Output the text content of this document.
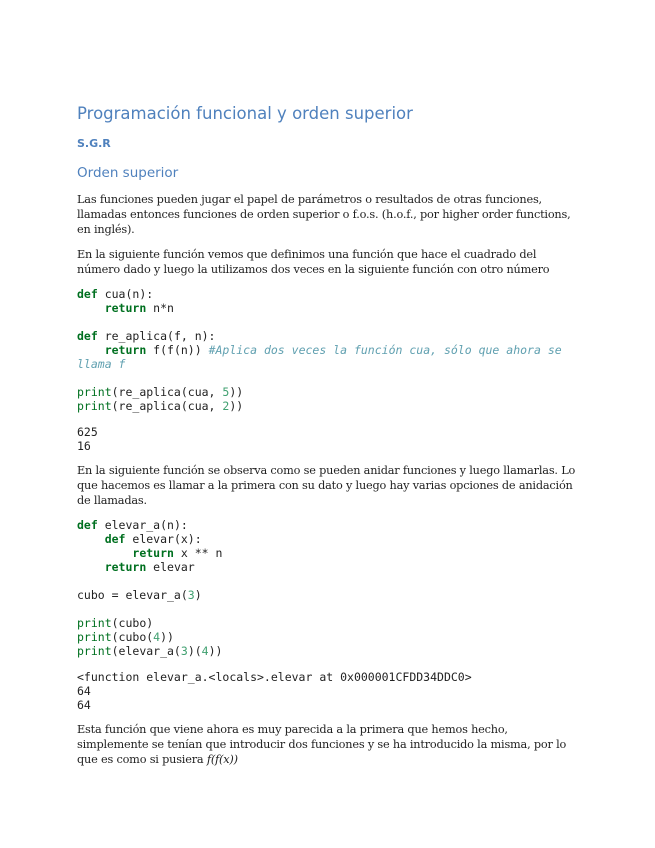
Programación funcional y orden superior
S.G.R
Orden superior

Las funciones pueden jugar el papel de parámetros o resultados de otras funciones, llamadas entonces funciones de orden superior o f.o.s. (h.o.f., por higher order functions, en inglés).

En la siguiente función vemos que definimos una función que hace el cuadrado del número dado y luego la utilizamos dos veces en la siguiente función con otro número

def cua(n):
return n*n

def re_aplica(f, n):
return f(f(n)) #Aplica dos veces la función cua, sólo que ahora se
llama f

print(re_aplica(cua, 5))
print(re_aplica(cua, 2))
625
16

En la siguiente función se observa como se pueden anidar funciones y luego llamarlas. Lo que hacemos es llamar a la primera con su dato y luego hay varias opciones de anidación de llamadas.

def elevar_a(n):
def elevar(x):
return x ** n
return elevar

cubo = elevar_a(3)

print(cubo)
print(cubo(4))
print(elevar_a(3)(4))
<function elevar_a.<locals>.elevar at 0x000001CFDD34DDC0>
64
64

Esta función que viene ahora es muy parecida a la primera que hemos hecho, simplemente se tenían que introducir dos funciones y se ha introducido la misma, por lo que es como si pusiera f(f(x))
